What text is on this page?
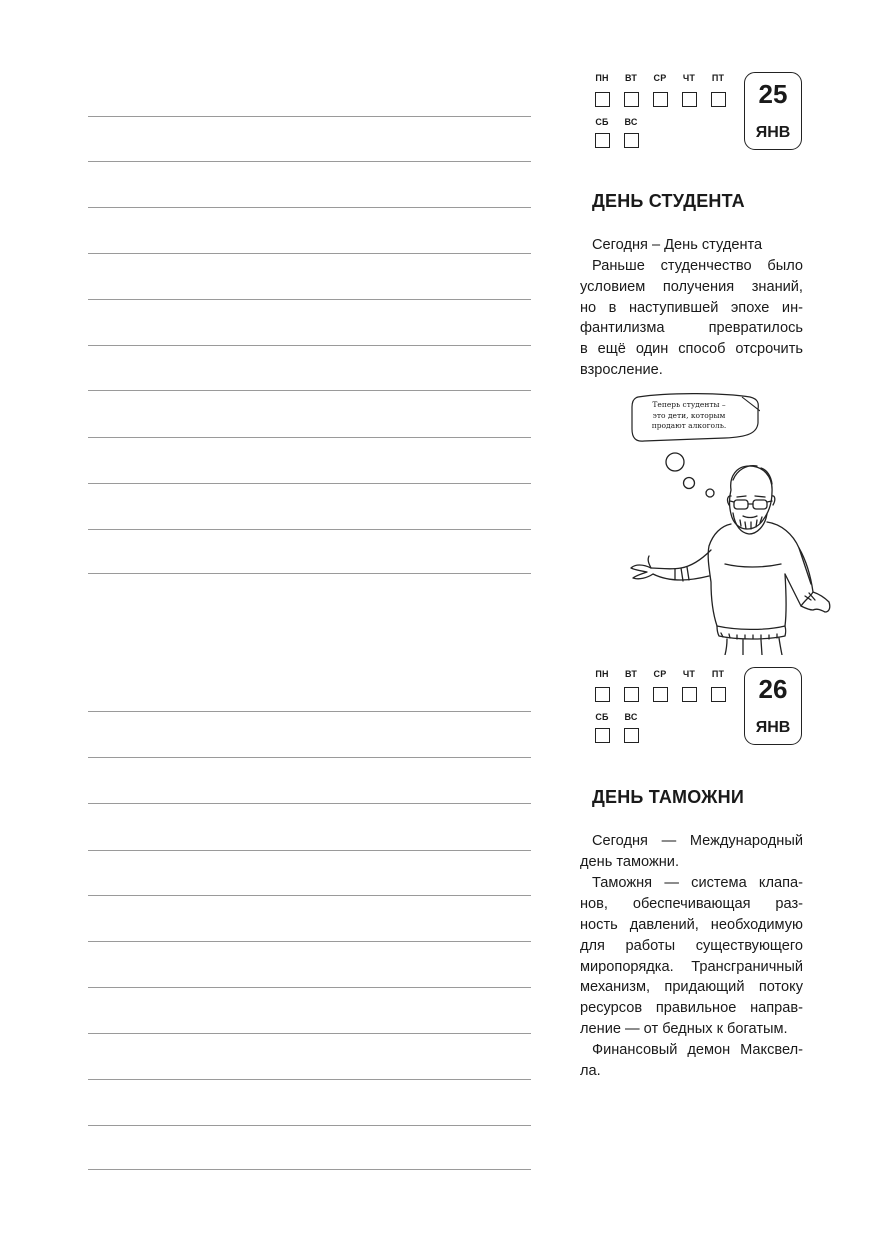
ПН	ВТ	СР	ЧТ	ПТ
СБ	ВС
25
ЯНВ
ДЕНЬ СТУДЕНТА
Сегодня – День студента
Раньше студенчество было
условием получения знаний,
но в наступившей эпохе ин-
фантилизма превратилось
в ещё один способ отсрочить
взросление.
Теперь студенты –
это дети, которым
продают алкоголь.
ПН	ВТ	СР	ЧТ	ПТ
СБ	ВС
26
ЯНВ
ДЕНЬ ТАМОЖНИ
Сегодня — Международный
день таможни.
Таможня — система клапа-
нов, обеспечивающая раз-
ность давлений, необходимую
для работы существующего
миропорядка. Трансграничный
механизм, придающий потоку
ресурсов правильное направ-
ление — от бедных к богатым.
Финансовый демон Максвел-
ла.
